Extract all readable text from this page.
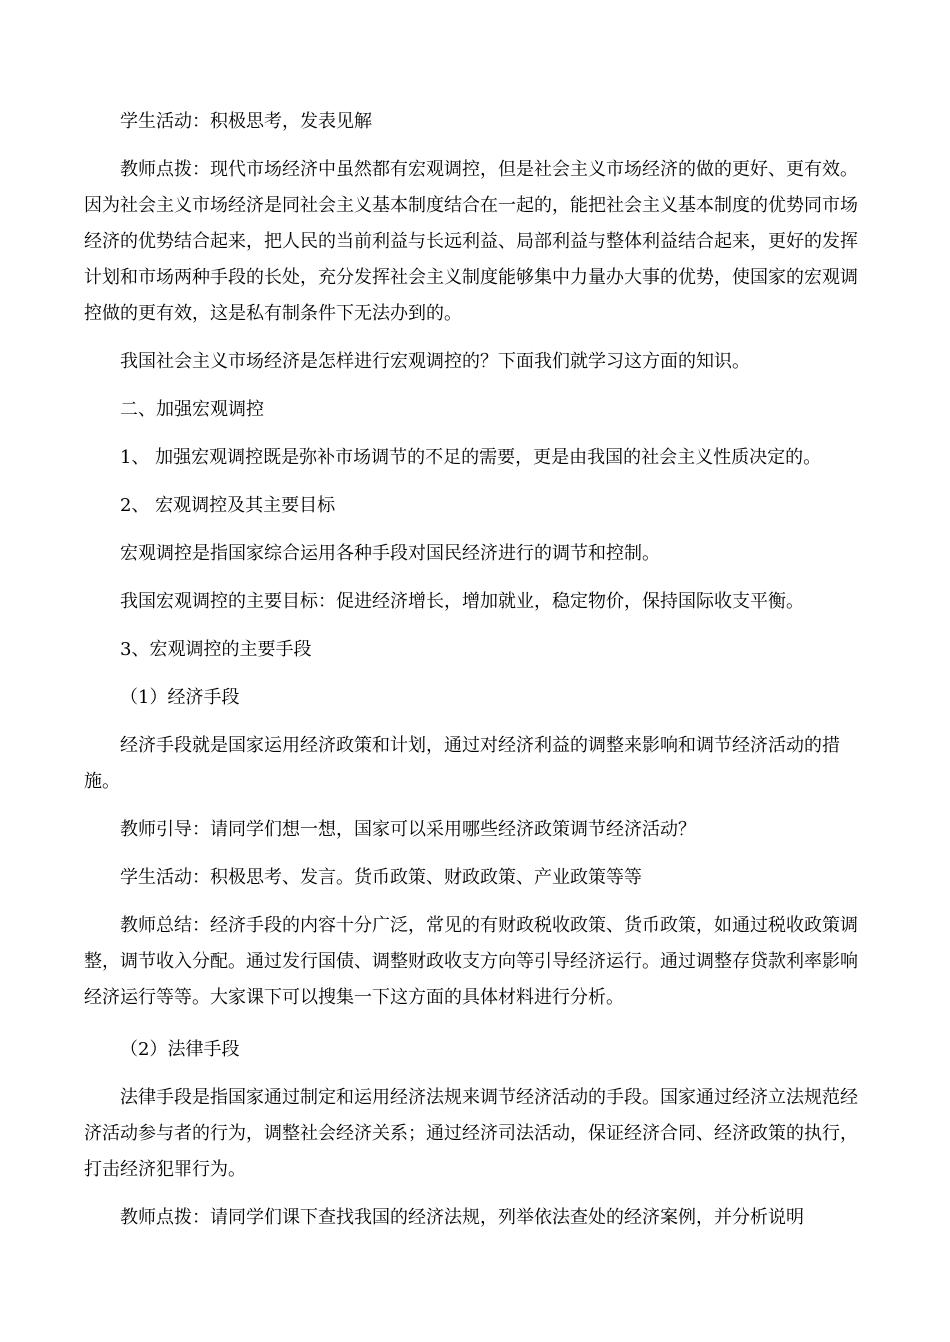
学生活动：积极思考，发表见解

教师点拨：现代市场经济中虽然都有宏观调控，但是社会主义市场经济的做的更好、更有效。因为社会主义市场经济是同社会主义基本制度结合在一起的，能把社会主义基本制度的优势同市场经济的优势结合起来，把人民的当前利益与长远利益、局部利益与整体利益结合起来，更好的发挥计划和市场两种手段的长处，充分发挥社会主义制度能够集中力量办大事的优势，使国家的宏观调控做的更有效，这是私有制条件下无法办到的。

我国社会主义市场经济是怎样进行宏观调控的？下面我们就学习这方面的知识。

二、加强宏观调控

1、 加强宏观调控既是弥补市场调节的不足的需要，更是由我国的社会主义性质决定的。

2、 宏观调控及其主要目标

宏观调控是指国家综合运用各种手段对国民经济进行的调节和控制。

我国宏观调控的主要目标：促进经济增长，增加就业，稳定物价，保持国际收支平衡。

3、宏观调控的主要手段

（1）经济手段

经济手段就是国家运用经济政策和计划，通过对经济利益的调整来影响和调节经济活动的措施。

教师引导：请同学们想一想，国家可以采用哪些经济政策调节经济活动？

学生活动：积极思考、发言。货币政策、财政政策、产业政策等等

教师总结：经济手段的内容十分广泛，常见的有财政税收政策、货币政策，如通过税收政策调整，调节收入分配。通过发行国债、调整财政收支方向等引导经济运行。通过调整存贷款利率影响经济运行等等。大家课下可以搜集一下这方面的具体材料进行分析。

（2）法律手段

法律手段是指国家通过制定和运用经济法规来调节经济活动的手段。国家通过经济立法规范经济活动参与者的行为，调整社会经济关系；通过经济司法活动，保证经济合同、经济政策的执行，打击经济犯罪行为。

教师点拨：请同学们课下查找我国的经济法规，列举依法查处的经济案例，并分析说明
